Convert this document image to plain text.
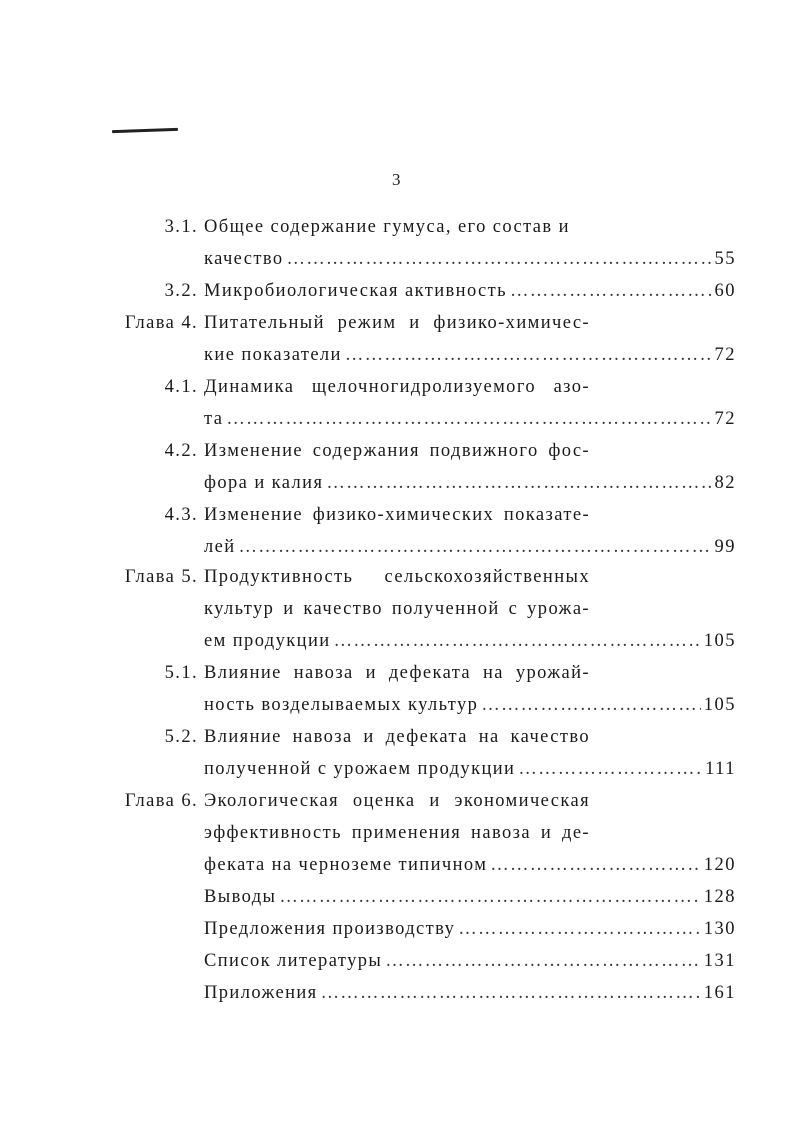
3
3.1. Общее содержание гумуса, его состав и
качество …………………………………………………………………………………………………………………………………………………	55
3.2. Микробиологическая активность …………………………………………………………………………………………………………………………………………………	60
Глава 4. Питательный режим и физико-химичес-
кие показатели …………………………………………………………………………………………………………………………………………………	72
4.1. Динамика щелочногидролизуемого азо-
та …………………………………………………………………………………………………………………………………………………	72
4.2. Изменение содержания подвижного фос-
фора и калия …………………………………………………………………………………………………………………………………………………	82
4.3. Изменение физико-химических показате-
лей …………………………………………………………………………………………………………………………………………………	99
Глава 5. Продуктивность сельскохозяйственных
культур и качество полученной с урожа-
ем продукции …………………………………………………………………………………………………………………………………………………	105
5.1. Влияние навоза и дефеката на урожай-
ность возделываемых культур …………………………………………………………………………………………………………………………………………………	105
5.2. Влияние навоза и дефеката на качество
полученной с урожаем продукции …………………………………………………………………………………………………………………………………………………	111
Глава 6. Экологическая оценка и экономическая
эффективность применения навоза и де-
феката на черноземе типичном …………………………………………………………………………………………………………………………………………………	120
Выводы …………………………………………………………………………………………………………………………………………………	128
Предложения производству …………………………………………………………………………………………………………………………………………………	130
Список литературы …………………………………………………………………………………………………………………………………………………	131
Приложения …………………………………………………………………………………………………………………………………………………	161
